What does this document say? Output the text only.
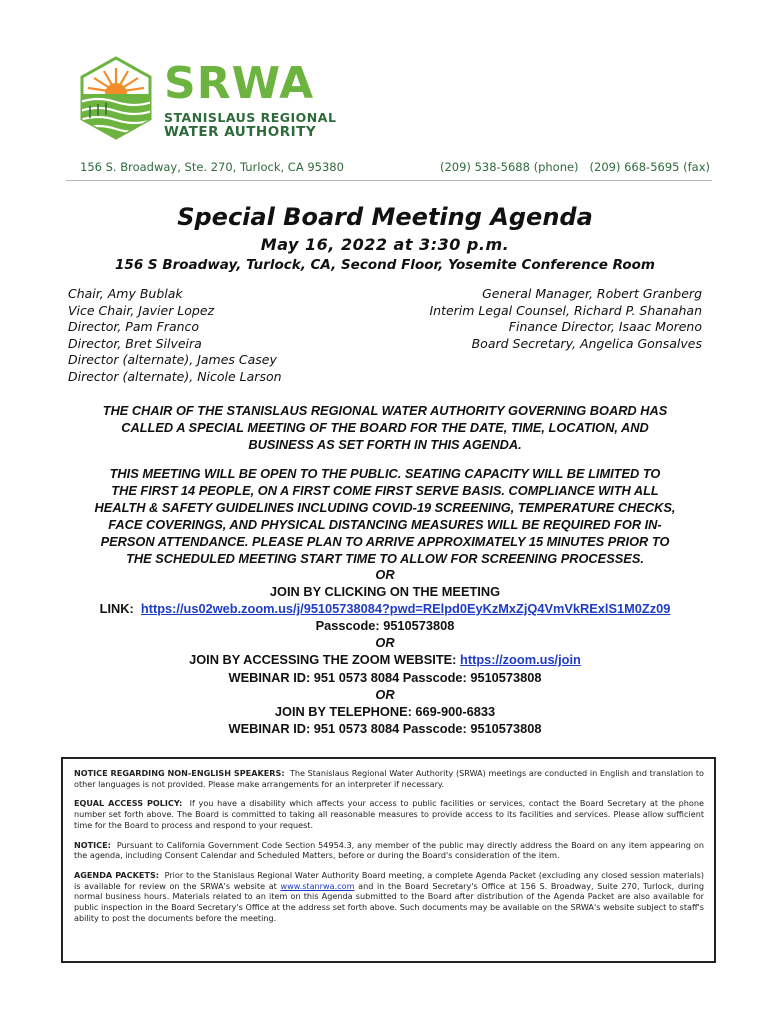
SRWA
STANISLAUS REGIONAL
WATER AUTHORITY
156 S. Broadway, Ste. 270, Turlock, CA 95380	(209) 538-5688 (phone)   (209) 668-5695 (fax)
Special Board Meeting Agenda
May 16, 2022 at 3:30 p.m.
156 S Broadway, Turlock, CA, Second Floor, Yosemite Conference Room
Chair, Amy Bublak
Vice Chair, Javier Lopez
Director, Pam Franco
Director, Bret Silveira
Director (alternate), James Casey
Director (alternate), Nicole Larson
General Manager, Robert Granberg
Interim Legal Counsel, Richard P. Shanahan
Finance Director, Isaac Moreno
Board Secretary, Angelica Gonsalves
THE CHAIR OF THE STANISLAUS REGIONAL WATER AUTHORITY GOVERNING BOARD HAS
CALLED A SPECIAL MEETING OF THE BOARD FOR THE DATE, TIME, LOCATION, AND
BUSINESS AS SET FORTH IN THIS AGENDA.
THIS MEETING WILL BE OPEN TO THE PUBLIC. SEATING CAPACITY WILL BE LIMITED TO
THE FIRST 14 PEOPLE, ON A FIRST COME FIRST SERVE BASIS. COMPLIANCE WITH ALL
HEALTH & SAFETY GUIDELINES INCLUDING COVID-19 SCREENING, TEMPERATURE CHECKS,
FACE COVERINGS, AND PHYSICAL DISTANCING MEASURES WILL BE REQUIRED FOR IN-
PERSON ATTENDANCE. PLEASE PLAN TO ARRIVE APPROXIMATELY 15 MINUTES PRIOR TO
THE SCHEDULED MEETING START TIME TO ALLOW FOR SCREENING PROCESSES.
OR
JOIN BY CLICKING ON THE MEETING
LINK: https://us02web.zoom.us/j/95105738084?pwd=RElpd0EyKzMxZjQ4VmVkRExlS1M0Zz09
Passcode: 9510573808
OR
JOIN BY ACCESSING THE ZOOM WEBSITE: https://zoom.us/join
WEBINAR ID: 951 0573 8084 Passcode: 9510573808
OR
JOIN BY TELEPHONE: 669-900-6833
WEBINAR ID: 951 0573 8084 Passcode: 9510573808

NOTICE REGARDING NON-ENGLISH SPEAKERS: The Stanislaus Regional Water Authority (SRWA) meetings are conducted in English and translation to other languages is not provided. Please make arrangements for an interpreter if necessary.

EQUAL ACCESS POLICY: If you have a disability which affects your access to public facilities or services, contact the Board Secretary at the phone number set forth above. The Board is committed to taking all reasonable measures to provide access to its facilities and services. Please allow sufficient time for the Board to process and respond to your request.

NOTICE: Pursuant to California Government Code Section 54954.3, any member of the public may directly address the Board on any item appearing on the agenda, including Consent Calendar and Scheduled Matters, before or during the Board's consideration of the item.

AGENDA PACKETS: Prior to the Stanislaus Regional Water Authority Board meeting, a complete Agenda Packet (excluding any closed session materials) is available for review on the SRWA's website at www.stanrwa.com and in the Board Secretary's Office at 156 S. Broadway, Suite 270, Turlock, during normal business hours. Materials related to an item on this Agenda submitted to the Board after distribution of the Agenda Packet are also available for public inspection in the Board Secretary's Office at the address set forth above. Such documents may be available on the SRWA's website subject to staff's ability to post the documents before the meeting.
